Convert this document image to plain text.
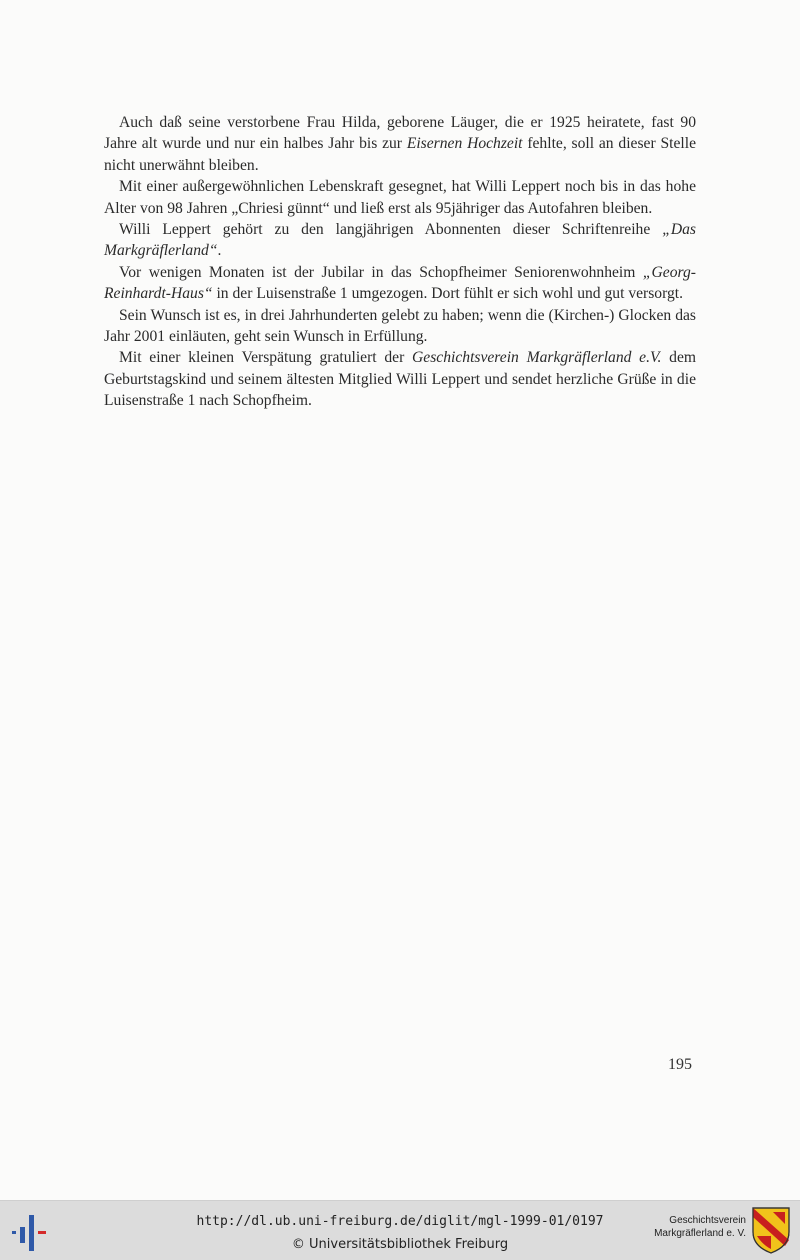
Auch daß seine verstorbene Frau Hilda, geborene Läuger, die er 1925 heiratete, fast 90 Jahre alt wurde und nur ein halbes Jahr bis zur Eisernen Hochzeit fehlte, soll an dieser Stelle nicht unerwähnt bleiben.

Mit einer außergewöhnlichen Lebenskraft gesegnet, hat Willi Leppert noch bis in das hohe Alter von 98 Jahren „Chriesi günnt“ und ließ erst als 95jähriger das Autofahren bleiben.

Willi Leppert gehört zu den langjährigen Abonnenten dieser Schriftenreihe „Das Markgräflerland“.

Vor wenigen Monaten ist der Jubilar in das Schopfheimer Seniorenwohnheim „Georg-Reinhardt-Haus“ in der Luisenstraße 1 umgezogen. Dort fühlt er sich wohl und gut versorgt.

Sein Wunsch ist es, in drei Jahrhunderten gelebt zu haben; wenn die (Kirchen-) Glocken das Jahr 2001 einläuten, geht sein Wunsch in Erfüllung.

Mit einer kleinen Verspätung gratuliert der Geschichtsverein Markgräflerland e.V. dem Geburtstagskind und seinem ältesten Mitglied Willi Leppert und sendet herzliche Grüße in die Luisenstraße 1 nach Schopfheim.

195
http://dl.ub.uni-freiburg.de/diglit/mgl-1999-01/0197
© Universitätsbibliothek Freiburg
Geschichtsverein
Markgräflerland e. V.
